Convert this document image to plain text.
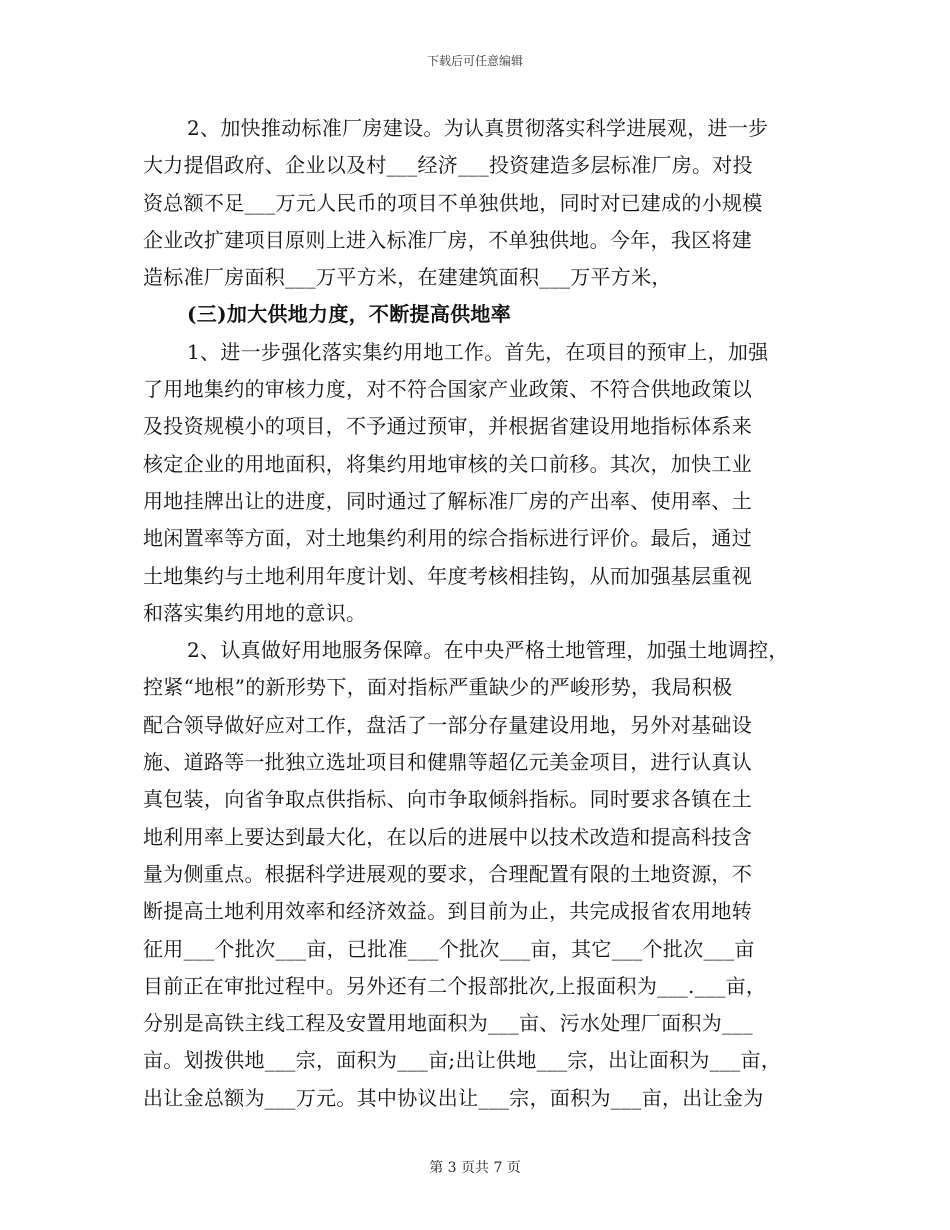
下载后可任意编辑
2、加快推动标准厂房建设。为认真贯彻落实科学进展观，进一步
大力提倡政府、企业以及村___经济___投资建造多层标准厂房。对投
资总额不足___万元人民币的项目不单独供地，同时对已建成的小规模
企业改扩建项目原则上进入标准厂房，不单独供地。今年，我区将建
造标准厂房面积___万平方米，在建建筑面积___万平方米，
(三)加大供地力度，不断提高供地率
1、进一步强化落实集约用地工作。首先，在项目的预审上，加强
了用地集约的审核力度，对不符合国家产业政策、不符合供地政策以
及投资规模小的项目，不予通过预审，并根据省建设用地指标体系来
核定企业的用地面积，将集约用地审核的关口前移。其次，加快工业
用地挂牌出让的进度，同时通过了解标准厂房的产出率、使用率、土
地闲置率等方面，对土地集约利用的综合指标进行评价。最后，通过
土地集约与土地利用年度计划、年度考核相挂钩，从而加强基层重视
和落实集约用地的意识。
2、认真做好用地服务保障。在中央严格土地管理，加强土地调控，
控紧“地根”的新形势下，面对指标严重缺少的严峻形势，我局积极
配合领导做好应对工作，盘活了一部分存量建设用地，另外对基础设
施、道路等一批独立选址项目和健鼎等超亿元美金项目，进行认真认
真包装，向省争取点供指标、向市争取倾斜指标。同时要求各镇在土
地利用率上要达到最大化，在以后的进展中以技术改造和提高科技含
量为侧重点。根据科学进展观的要求，合理配置有限的土地资源，不
断提高土地利用效率和经济效益。到目前为止，共完成报省农用地转
征用___个批次___亩，已批准___个批次___亩，其它___个批次___亩
目前正在审批过程中。另外还有二个报部批次,上报面积为___.___亩，
分别是高铁主线工程及安置用地面积为___亩、污水处理厂面积为___
亩。划拨供地___宗，面积为___亩;出让供地___宗，出让面积为___亩，
出让金总额为___万元。其中协议出让___宗，面积为___亩，出让金为
第 3 页共 7 页
